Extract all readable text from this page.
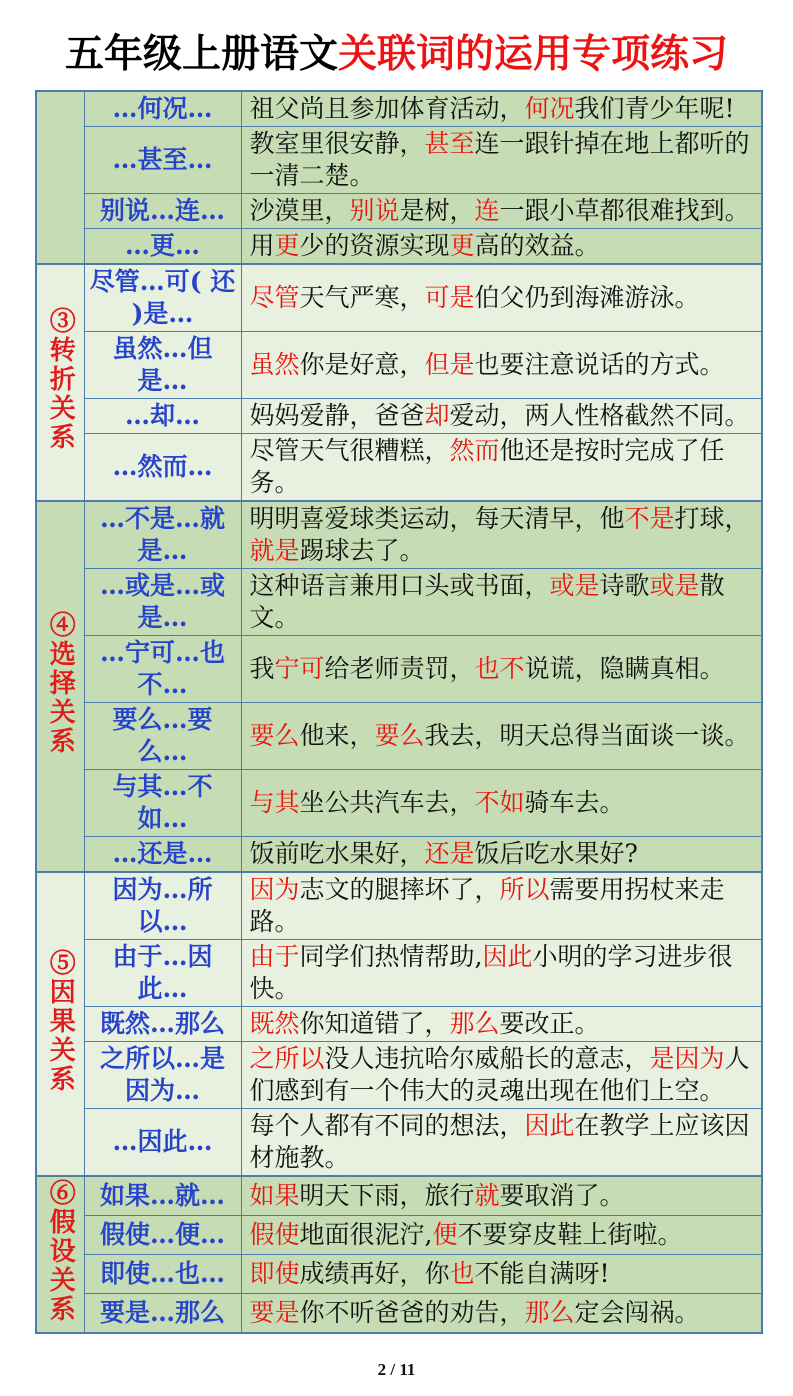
五年级上册语文关联词的运用专项练习
	…何况…	祖父尚且参加体育活动，何况我们青少年呢!
	…甚至…	教室里很安静，甚至连一跟针掉在地上都听的一清二楚。
	别说…连…	沙漠里，别说是树，连一跟小草都很难找到。
	…更…	用更少的资源实现更高的效益。
③转折关系	尽管…可( 还 )是…	尽管天气严寒，可是伯父仍到海滩游泳。
	虽然…但是…	虽然你是好意，但是也要注意说话的方式。
	…却…	妈妈爱静，爸爸却爱动，两人性格截然不同。
	…然而…	尽管天气很糟糕，然而他还是按时完成了任务。
④选择关系	…不是…就是…	明明喜爱球类运动，每天清早，他不是打球，就是踢球去了。
	…或是…或是…	这种语言兼用口头或书面，或是诗歌或是散文。
	…宁可…也不…	我宁可给老师责罚，也不说谎，隐瞒真相。
	要么…要么…	要么他来，要么我去，明天总得当面谈一谈。
	与其…不如…	与其坐公共汽车去，不如骑车去。
	…还是…	饭前吃水果好，还是饭后吃水果好?
⑤因果关系	因为…所以…	因为志文的腿摔坏了，所以需要用拐杖来走路。
	由于…因此…	由于同学们热情帮助,因此小明的学习进步很快。
	既然…那么	既然你知道错了，那么要改正。
	之所以…是因为…	之所以没人违抗哈尔威船长的意志，是因为人们感到有一个伟大的灵魂出现在他们上空。
	…因此…	每个人都有不同的想法，因此在教学上应该因材施教。
⑥假设关系	如果…就…	如果明天下雨，旅行就要取消了。
	假使…便…	假使地面很泥泞,便不要穿皮鞋上街啦。
	即使…也…	即使成绩再好，你也不能自满呀!
	要是…那么	要是你不听爸爸的劝告，那么定会闯祸。
2 / 11
